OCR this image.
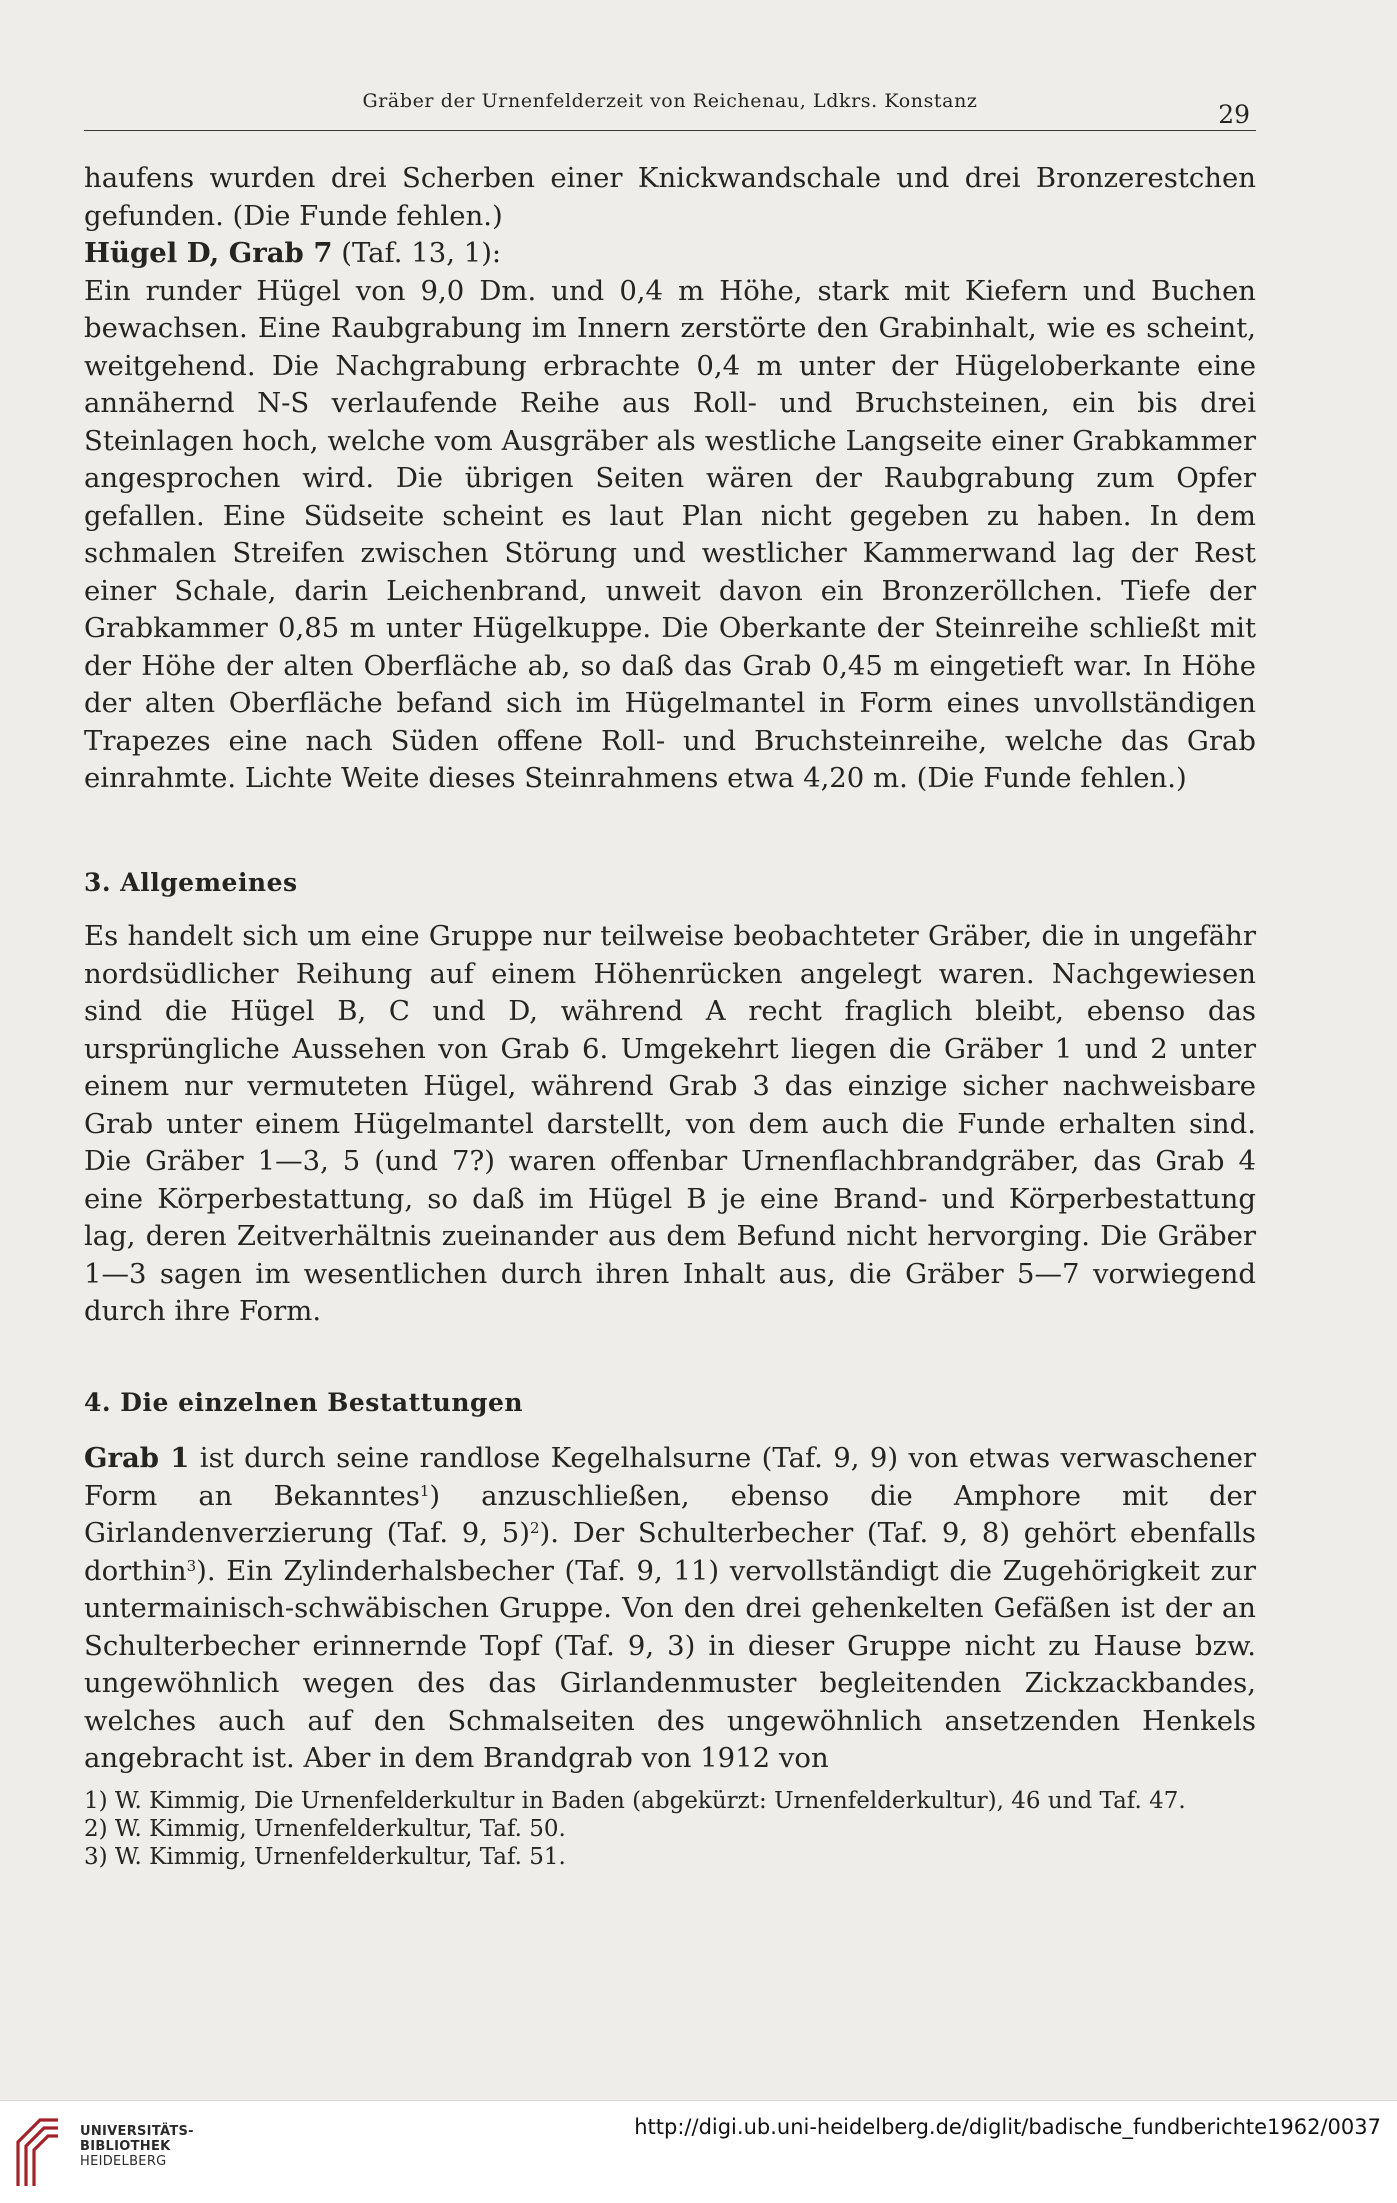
Gräber der Urnenfelderzeit von Reichenau, Ldkrs. Konstanz	29

haufens wurden drei Scherben einer Knickwandschale und drei Bronzerestchen gefunden. (Die Funde fehlen.)

Hügel D, Grab 7 (Taf. 13, 1):

Ein runder Hügel von 9,0 Dm. und 0,4 m Höhe, stark mit Kiefern und Buchen bewachsen. Eine Raubgrabung im Innern zerstörte den Grabinhalt, wie es scheint, weitgehend. Die Nachgrabung erbrachte 0,4 m unter der Hügeloberkante eine annähernd N-S verlaufende Reihe aus Roll- und Bruchsteinen, ein bis drei Steinlagen hoch, welche vom Ausgräber als westliche Langseite einer Grabkammer angesprochen wird. Die übrigen Seiten wären der Raubgrabung zum Opfer gefallen. Eine Südseite scheint es laut Plan nicht gegeben zu haben. In dem schmalen Streifen zwischen Störung und westlicher Kammerwand lag der Rest einer Schale, darin Leichenbrand, unweit davon ein Bronzeröllchen. Tiefe der Grabkammer 0,85 m unter Hügelkuppe. Die Oberkante der Steinreihe schließt mit der Höhe der alten Oberfläche ab, so daß das Grab 0,45 m eingetieft war. In Höhe der alten Oberfläche befand sich im Hügelmantel in Form eines unvollständigen Trapezes eine nach Süden offene Roll- und Bruchsteinreihe, welche das Grab einrahmte. Lichte Weite dieses Steinrahmens etwa 4,20 m. (Die Funde fehlen.)

3. Allgemeines

Es handelt sich um eine Gruppe nur teilweise beobachteter Gräber, die in ungefähr nordsüdlicher Reihung auf einem Höhenrücken angelegt waren. Nachgewiesen sind die Hügel B, C und D, während A recht fraglich bleibt, ebenso das ursprüngliche Aussehen von Grab 6. Umgekehrt liegen die Gräber 1 und 2 unter einem nur vermuteten Hügel, während Grab 3 das einzige sicher nachweisbare Grab unter einem Hügelmantel darstellt, von dem auch die Funde erhalten sind. Die Gräber 1—3, 5 (und 7?) waren offenbar Urnenflachbrandgräber, das Grab 4 eine Körperbestattung, so daß im Hügel B je eine Brand- und Körperbestattung lag, deren Zeitverhältnis zueinander aus dem Befund nicht hervorging. Die Gräber 1—3 sagen im wesentlichen durch ihren Inhalt aus, die Gräber 5—7 vorwiegend durch ihre Form.

4. Die einzelnen Bestattungen

Grab 1 ist durch seine randlose Kegelhalsurne (Taf. 9, 9) von etwas verwaschener Form an Bekanntes$^1$) anzuschließen, ebenso die Amphore mit der Girlandenverzierung (Taf. 9, 5)$^2$). Der Schulterbecher (Taf. 9, 8) gehört ebenfalls dorthin$^3$). Ein Zylinderhalsbecher (Taf. 9, 11) vervollständigt die Zugehörigkeit zur untermainisch-schwäbischen Gruppe. Von den drei gehenkelten Gefäßen ist der an Schulterbecher erinnernde Topf (Taf. 9, 3) in dieser Gruppe nicht zu Hause bzw. ungewöhnlich wegen des das Girlandenmuster begleitenden Zickzackbandes, welches auch auf den Schmalseiten des ungewöhnlich ansetzenden Henkels angebracht ist. Aber in dem Brandgrab von 1912 von

1) W. Kimmig, Die Urnenfelderkultur in Baden (abgekürzt: Urnenfelderkultur), 46 und Taf. 47.

2) W. Kimmig, Urnenfelderkultur, Taf. 50.

3) W. Kimmig, Urnenfelderkultur, Taf. 51.

UNIVERSITÄTS-
BIBLIOTHEK
HEIDELBERG
http://digi.ub.uni-heidelberg.de/diglit/badische_fundberichte1962/0037
